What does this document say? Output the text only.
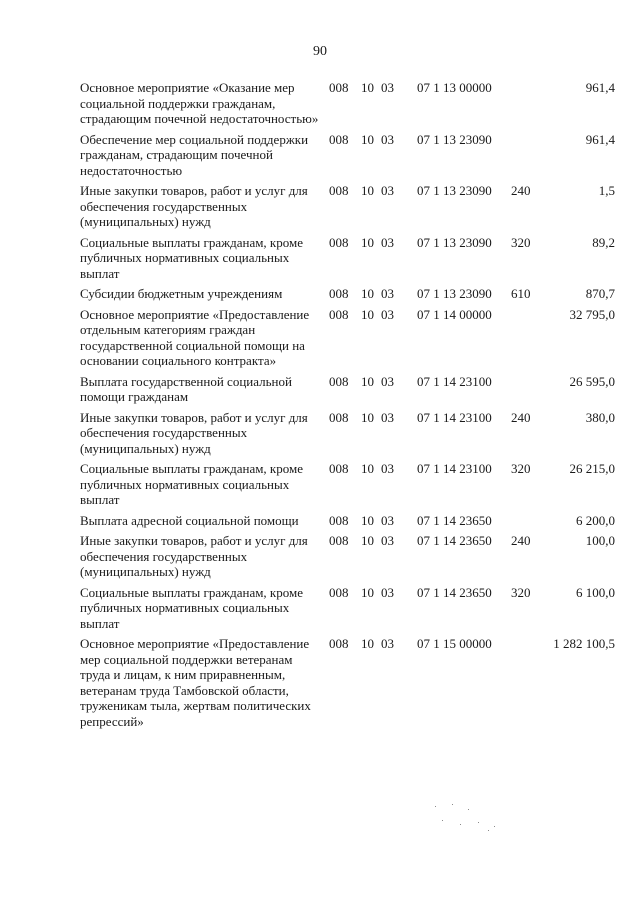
90
Основное мероприятие «Оказание мер социальной поддержки гражданам, страдающим почечной недостаточностью»
008 10 03	07 1 13 00000	961,4
Обеспечение мер социальной поддержки гражданам, страдающим почечной недостаточностью
008 10 03	07 1 13 23090	961,4
Иные закупки товаров, работ и услуг для обеспечения государственных (муниципальных) нужд
008 10 03	07 1 13 23090	240	1,5
Социальные выплаты гражданам, кроме публичных нормативных социальных выплат
008 10 03	07 1 13 23090	320	89,2
Субсидии бюджетным учреждениям	008 10 03	07 1 13 23090	610	870,7
Основное мероприятие «Предоставление отдельным категориям граждан государственной социальной помощи на основании социального контракта»
008 10 03	07 1 14 00000	32 795,0
Выплата государственной социальной помощи гражданам
008 10 03	07 1 14 23100	26 595,0
Иные закупки товаров, работ и услуг для обеспечения государственных (муниципальных) нужд
008 10 03	07 1 14 23100	240	380,0
Социальные выплаты гражданам, кроме публичных нормативных социальных выплат
008 10 03	07 1 14 23100	320	26 215,0
Выплата адресной социальной помощи	008 10 03	07 1 14 23650	6 200,0
Иные закупки товаров, работ и услуг для обеспечения государственных (муниципальных) нужд
008 10 03	07 1 14 23650	240	100,0
Социальные выплаты гражданам, кроме публичных нормативных социальных выплат
008 10 03	07 1 14 23650	320	6 100,0
Основное мероприятие «Предоставление мер социальной поддержки ветеранам труда и лицам, к ним приравненным, ветеранам труда Тамбовской области, труженикам тыла, жертвам политических репрессий»
008 10 03	07 1 15 00000	1 282 100,5
